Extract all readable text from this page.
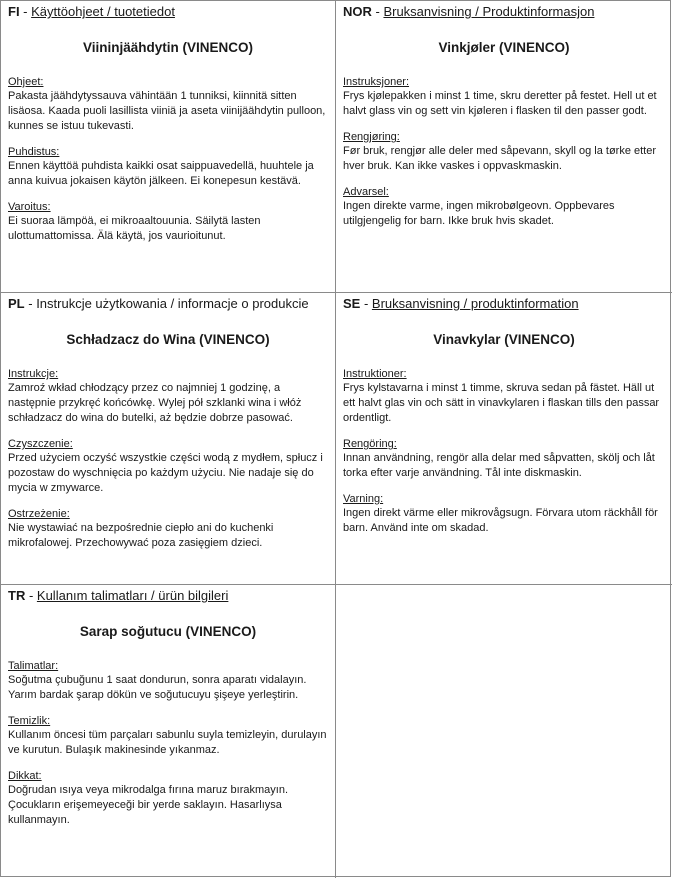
FI - Käyttöohjeet / tuotetiedot

Viininjäähdytin (VINENCO)

Ohjeet:

Pakasta jäähdytyssauva vähintään 1 tunniksi, kiinnitä sitten lisäosa. Kaada puoli lasillista viiniä ja aseta viinijäähdytin pulloon, kunnes se istuu tukevasti.

Puhdistus:

Ennen käyttöä puhdista kaikki osat saippuavedellä, huuhtele ja anna kuivua jokaisen käytön jälkeen. Ei konepesun kestävä.

Varoitus:

Ei suoraa lämpöä, ei mikroaaltouunia. Säilytä lasten ulottumattomissa. Älä käytä, jos vaurioitunut.

NOR - Bruksanvisning / Produktinformasjon

Vinkjøler (VINENCO)

Instruksjoner:

Frys kjølepakken i minst 1 time, skru deretter på festet. Hell ut et halvt glass vin og sett vin kjøleren i flasken til den passer godt.

Rengjøring:

Før bruk, rengjør alle deler med såpevann, skyll og la tørke etter hver bruk. Kan ikke vaskes i oppvaskmaskin.

Advarsel:

Ingen direkte varme, ingen mikrobølgeovn. Oppbevares utilgjengelig for barn. Ikke bruk hvis skadet.

PL - Instrukcje użytkowania / informacje o produkcie

Schładzacz do Wina (VINENCO)

Instrukcje:

Zamroź wkład chłodzący przez co najmniej 1 godzinę, a następnie przykręć końcówkę. Wylej pół szklanki wina i włóż schładzacz do wina do butelki, aż będzie dobrze pasować.

Czyszczenie:

Przed użyciem oczyść wszystkie części wodą z mydłem, spłucz i pozostaw do wyschnięcia po każdym użyciu. Nie nadaje się do mycia w zmywarce.

Ostrzeżenie:

Nie wystawiać na bezpośrednie ciepło ani do kuchenki mikrofalowej. Przechowywać poza zasięgiem dzieci.

SE - Bruksanvisning / produktinformation

Vinavkylar (VINENCO)

Instruktioner:

Frys kylstavarna i minst 1 timme, skruva sedan på fästet. Häll ut ett halvt glas vin och sätt in vinavkylaren i flaskan tills den passar ordentligt.

Rengöring:

Innan användning, rengör alla delar med såpvatten, skölj och låt torka efter varje användning. Tål inte diskmaskin.

Varning:

Ingen direkt värme eller mikrovågsugn. Förvara utom räckhåll för barn. Använd inte om skadad.

TR - Kullanım talimatları / ürün bilgileri

Sarap soğutucu (VINENCO)

Talimatlar:

Soğutma çubuğunu 1 saat dondurun, sonra aparatı vidalayın. Yarım bardak şarap dökün ve soğutucuyu şişeye yerleştirin.

Temizlik:

Kullanım öncesi tüm parçaları sabunlu suyla temizleyin, durulayın ve kurutun. Bulaşık makinesinde yıkanmaz.

Dikkat:

Doğrudan ısıya veya mikrodalga fırına maruz bırakmayın. Çocukların erişemeyeceği bir yerde saklayın. Hasarlıysa kullanmayın.
